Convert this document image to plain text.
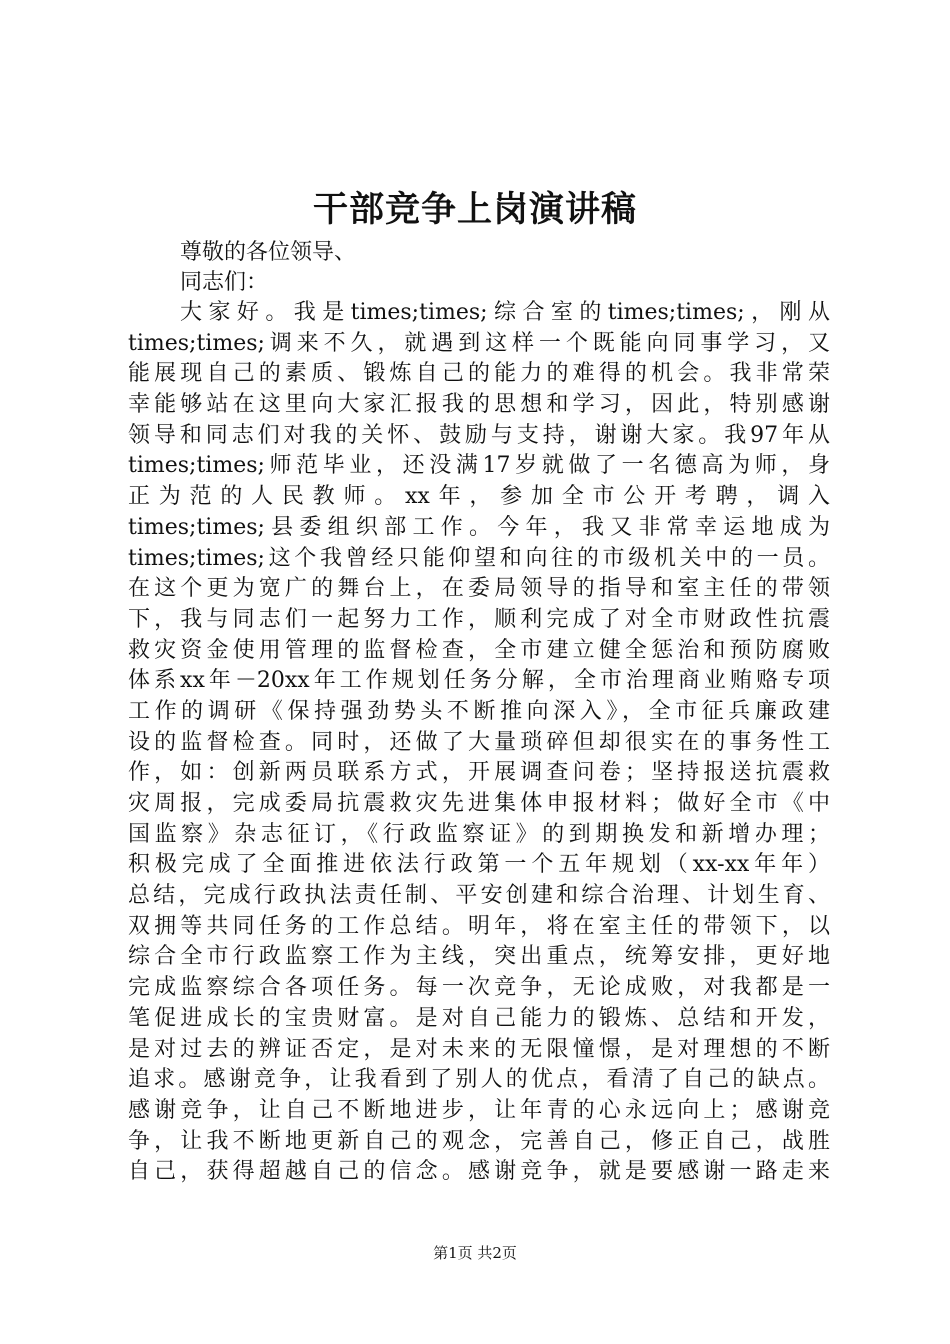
干部竞争上岗演讲稿
尊敬的各位领导、
同志们：
大家好。我是times;times;综合室的times;times;，刚从
times;times;调来不久，就遇到这样一个既能向同事学习，又
能展现自己的素质、锻炼自己的能力的难得的机会。我非常荣
幸能够站在这里向大家汇报我的思想和学习，因此，特别感谢
领导和同志们对我的关怀、鼓励与支持，谢谢大家。我97年从
times;times;师范毕业，还没满17岁就做了一名德高为师，身
正为范的人民教师。xx年，参加全市公开考聘，调入
times;times;县委组织部工作。今年，我又非常幸运地成为
times;times;这个我曾经只能仰望和向往的市级机关中的一员。
在这个更为宽广的舞台上，在委局领导的指导和室主任的带领
下，我与同志们一起努力工作，顺利完成了对全市财政性抗震
救灾资金使用管理的监督检查，全市建立健全惩治和预防腐败
体系xx年－20xx年工作规划任务分解，全市治理商业贿赂专项
工作的调研《保持强劲势头不断推向深入》，全市征兵廉政建
设的监督检查。同时，还做了大量琐碎但却很实在的事务性工
作，如：创新两员联系方式，开展调查问卷；坚持报送抗震救
灾周报，完成委局抗震救灾先进集体申报材料；做好全市《中
国监察》杂志征订，《行政监察证》的到期换发和新增办理；
积极完成了全面推进依法行政第一个五年规划（xx-xx年年）
总结，完成行政执法责任制、平安创建和综合治理、计划生育、
双拥等共同任务的工作总结。明年，将在室主任的带领下，以
综合全市行政监察工作为主线，突出重点，统筹安排，更好地
完成监察综合各项任务。每一次竞争，无论成败，对我都是一
笔促进成长的宝贵财富。是对自己能力的锻炼、总结和开发，
是对过去的辨证否定，是对未来的无限憧憬，是对理想的不断
追求。感谢竞争，让我看到了别人的优点，看清了自己的缺点。
感谢竞争，让自己不断地进步，让年青的心永远向上；感谢竞
争，让我不断地更新自己的观念，完善自己，修正自己，战胜
自己，获得超越自己的信念。感谢竞争，就是要感谢一路走来
第1页 共2页
